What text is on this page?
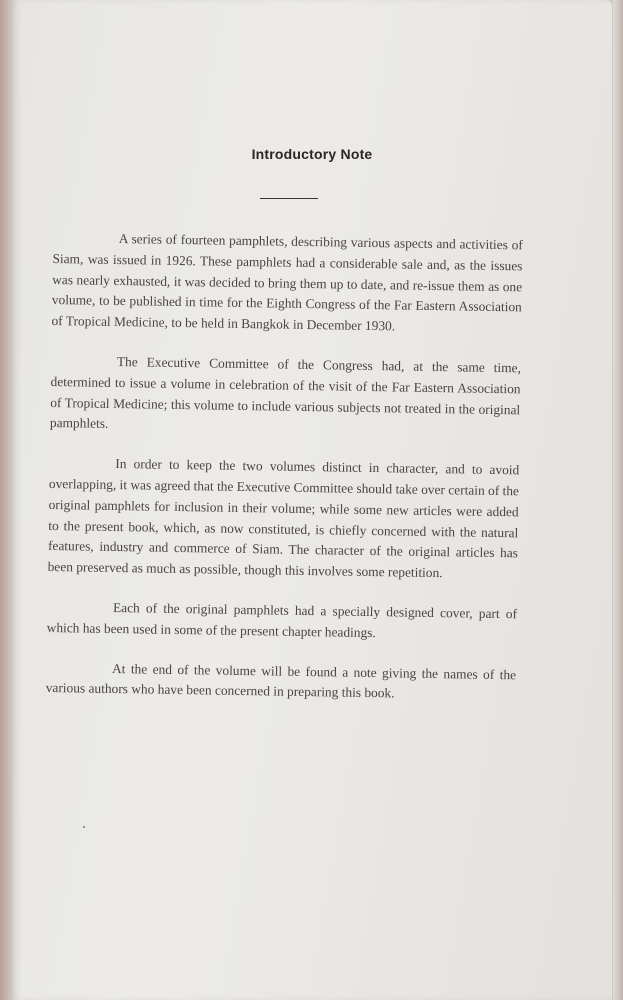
Introductory Note

A series of fourteen pamphlets, describing various aspects and activities of Siam, was issued in 1926. These pamphlets had a considerable sale and, as the issues was nearly exhausted, it was decided to bring them up to date, and re-issue them as one volume, to be published in time for the Eighth Congress of the Far Eastern Association of Tropical Medicine, to be held in Bangkok in December 1930.

The Executive Committee of the Congress had, at the same time, determined to issue a volume in celebration of the visit of the Far Eastern Association of Tropical Medicine; this volume to include various subjects not treated in the original pamphlets.

In order to keep the two volumes distinct in character, and to avoid overlapping, it was agreed that the Executive Committee should take over certain of the original pamphlets for inclusion in their volume; while some new articles were added to the present book, which, as now constituted, is chiefly concerned with the natural features, industry and commerce of Siam. The character of the original articles has been preserved as much as possible, though this involves some repetition.

Each of the original pamphlets had a specially designed cover, part of which has been used in some of the present chapter headings.

At the end of the volume will be found a note giving the names of the various authors who have been concerned in preparing this book.
